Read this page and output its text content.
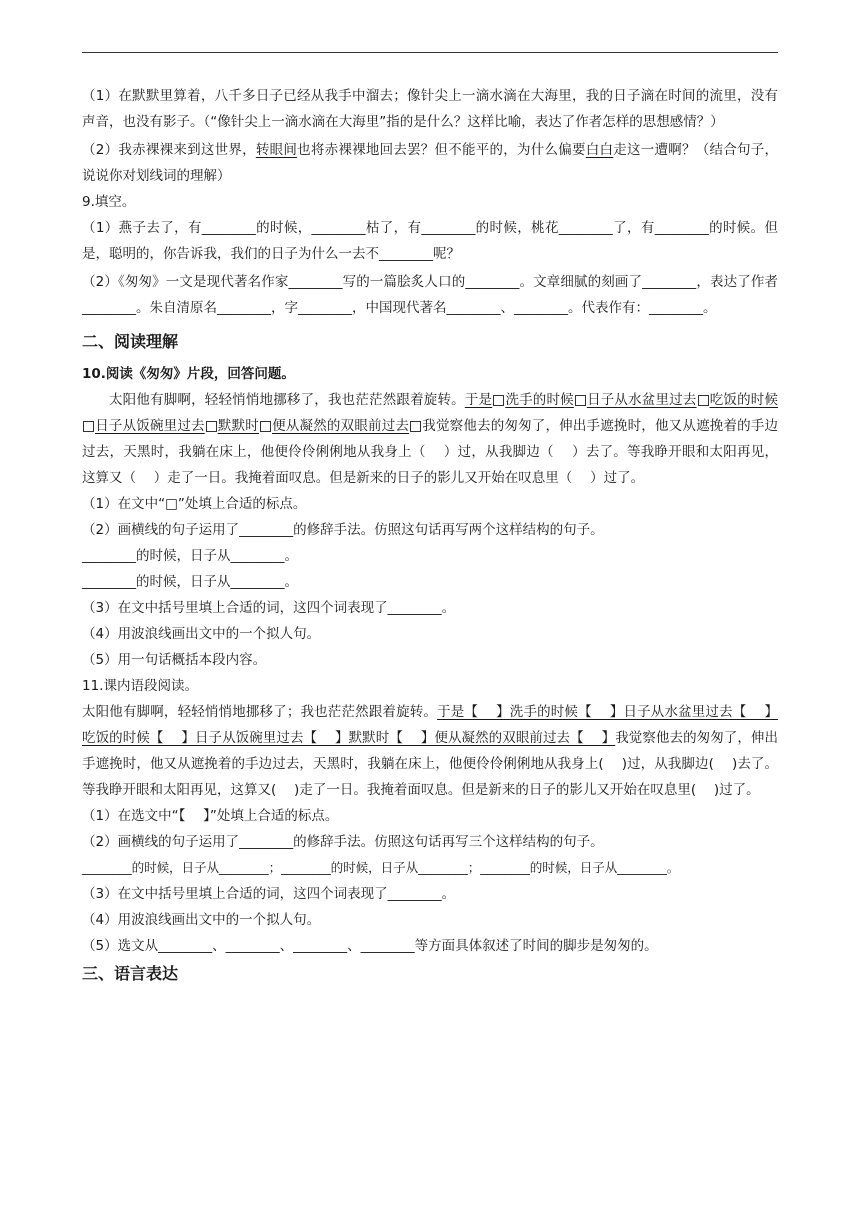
（1）在默默里算着，八千多日子已经从我手中溜去；像针尖上一滴水滴在大海里，我的日子滴在时间的流里，没有声音，也没有影子。（“像针尖上一滴水滴在大海里”指的是什么？这样比喻，表达了作者怎样的思想感情？）

（2）我赤裸裸来到这世界，转眼间也将赤裸裸地回去罢？但不能平的，为什么偏要白白走这一遭啊？（结合句子，说说你对划线词的理解）

9.填空。

（1）燕子去了，有________的时候，________枯了，有________的时候，桃花________了，有________的时候。但是，聪明的，你告诉我，我们的日子为什么一去不________呢？

（2）《匆匆》一文是现代著名作家________写的一篇脍炙人口的________。文章细腻的刻画了________，表达了作者________。朱自清原名________，字________，中国现代著名________、________。代表作有：________。

二、阅读理解

10.阅读《匆匆》片段，回答问题。

太阳他有脚啊，轻轻悄悄地挪移了，我也茫茫然跟着旋转。于是 洗手的时候 日子从水盆里过去 吃饭的时候日子从饭碗里过去 默默时 便从凝然的双眼前过去 我觉察他去的匆匆了，伸出手遮挽时，他又从遮挽着的手边过去，天黑时，我躺在床上，他便伶伶俐俐地从我身上（　 ）过，从我脚边（　 ）去了。等我睁开眼和太阳再见，这算又（　 ）走了一日。我掩着面叹息。但是新来的日子的影儿又开始在叹息里（　 ）过了。

（1）在文中“□”处填上合适的标点。

（2）画横线的句子运用了________的修辞手法。仿照这句话再写两个这样结构的句子。

________的时候，日子从________。

________的时候，日子从________。

（3）在文中括号里填上合适的词，这四个词表现了________。

（4）用波浪线画出文中的一个拟人句。

（5）用一句话概括本段内容。

11.课内语段阅读。

太阳他有脚啊，轻轻悄悄地挪移了；我也茫茫然跟着旋转。于是【　 】洗手的时候【　 】日子从水盆里过去【　 】吃饭的时候【　 】日子从饭碗里过去【　 】默默时【　 】便从凝然的双眼前过去【　 】我觉察他去的匆匆了，伸出手遮挽时，他又从遮挽着的手边过去，天黑时，我躺在床上，他便伶伶俐俐地从我身上(　 )过，从我脚边(　 )去了。等我睁开眼和太阳再见，这算又(　 )走了一日。我掩着面叹息。但是新来的日子的影儿又开始在叹息里(　 )过了。

（1）在选文中“【　 】”处填上合适的标点。

（2）画横线的句子运用了________的修辞手法。仿照这句话再写三个这样结构的句子。

________的时候，日子从________；________的时候，日子从________；________的时候，日子从________。

（3）在文中括号里填上合适的词，这四个词表现了________。

（4）用波浪线画出文中的一个拟人句。

（5）选文从________、________、________、________等方面具体叙述了时间的脚步是匆匆的。

三、语言表达
